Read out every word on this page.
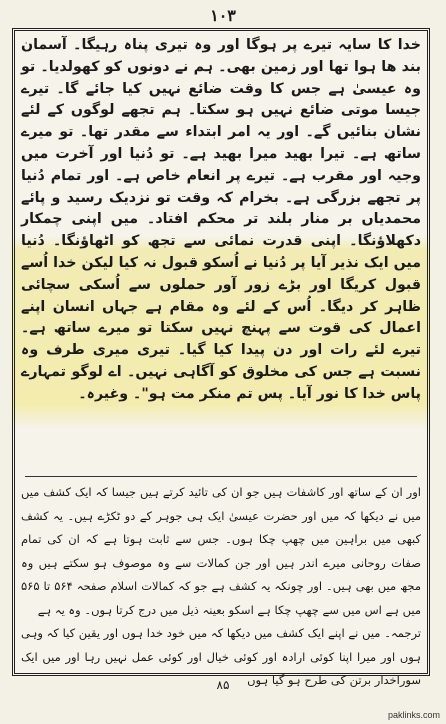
۱۰۳

خدا کا سایہ تیرے پر ہوگا اور وہ تیری پناہ رہیگا۔ آسمان بند ھا ہوا تھا اور زمین بھی۔ ہم نے دونوں کو کھولدیا۔ تو وہ عیسیٰ ہے جس کا وقت ضائع نہیں کیا جائے گا۔ تیرے جیسا موتی ضائع نہیں ہو سکتا۔ ہم تجھے لوگوں کے لئے نشان بنائیں گے۔ اور یہ امر ابتداء سے مقدر تھا۔ تو میرے ساتھ ہے۔ تیرا بھید میرا بھید ہے۔ تو دُنیا اور آخرت میں وجیہ اور مقرب ہے۔ تیرے پر انعام خاص ہے۔ اور تمام دُنیا پر تجھے بزرگی ہے۔ بخرام کہ وقت تو نزدیک رسید و پائے محمدیاں بر منار بلند تر محکم افتاد۔ میں اپنی چمکار دکھلاؤنگا۔ اپنی قدرت نمائی سے تجھ کو اٹھاؤنگا۔ دُنیا میں ایک نذیر آیا پر دُنیا نے اُسکو قبول نہ کیا لیکن خدا اُسے قبول کریگا اور بڑے زور آور حملوں سے اُسکی سچائی ظاہر کر دیگا۔ اُس کے لئے وہ مقام ہے جہاں انسان اپنے اعمال کی قوت سے پہنچ نہیں سکتا تو میرے ساتھ ہے۔ تیرے لئے رات اور دن پیدا کیا گیا۔ تیری میری طرف وہ نسبت ہے جس کی مخلوق کو آگاہی نہیں۔ اے لوگو تمہارے پاس خدا کا نور آیا۔ پس تم منکر مت ہو"۔ وغیرہ۔

اور ان کے ساتھ اور کاشفات ہیں جو ان کی تائید کرتے ہیں جیسا کہ ایک کشف میں میں نے دیکھا کہ میں اور حضرت عیسیٰ ایک ہی جوہر کے دو ٹکڑے ہیں۔ یہ کشف کبھی میں براہین میں چھپ چکا ہوں۔ جس سے ثابت ہوتا ہے کہ ان کی تمام صفات روحانی میرے اندر ہیں اور جن کمالات سے وہ موصوف ہو سکتے ہیں وہ مجھ میں بھی ہیں۔ اور چونکہ یہ کشف ہے جو کہ کمالات اسلام صفحہ ۵۶۴ تا ۵۶۵ میں ہے اس میں سے چھپ چکا ہے اسکو بعینہ ذیل میں درج کرتا ہوں۔ وہ یہ ہے

ترجمہ۔ میں نے اپنے ایک کشف میں دیکھا کہ میں خود خدا ہوں اور یقین کیا کہ وہی ہوں اور میرا اپنا کوئی ارادہ اور کوئی خیال اور کوئی عمل نہیں رہا اور میں ایک سوراخدار برتن کی طرح ہو گیا ہوں

۸۵
paklinks.com
